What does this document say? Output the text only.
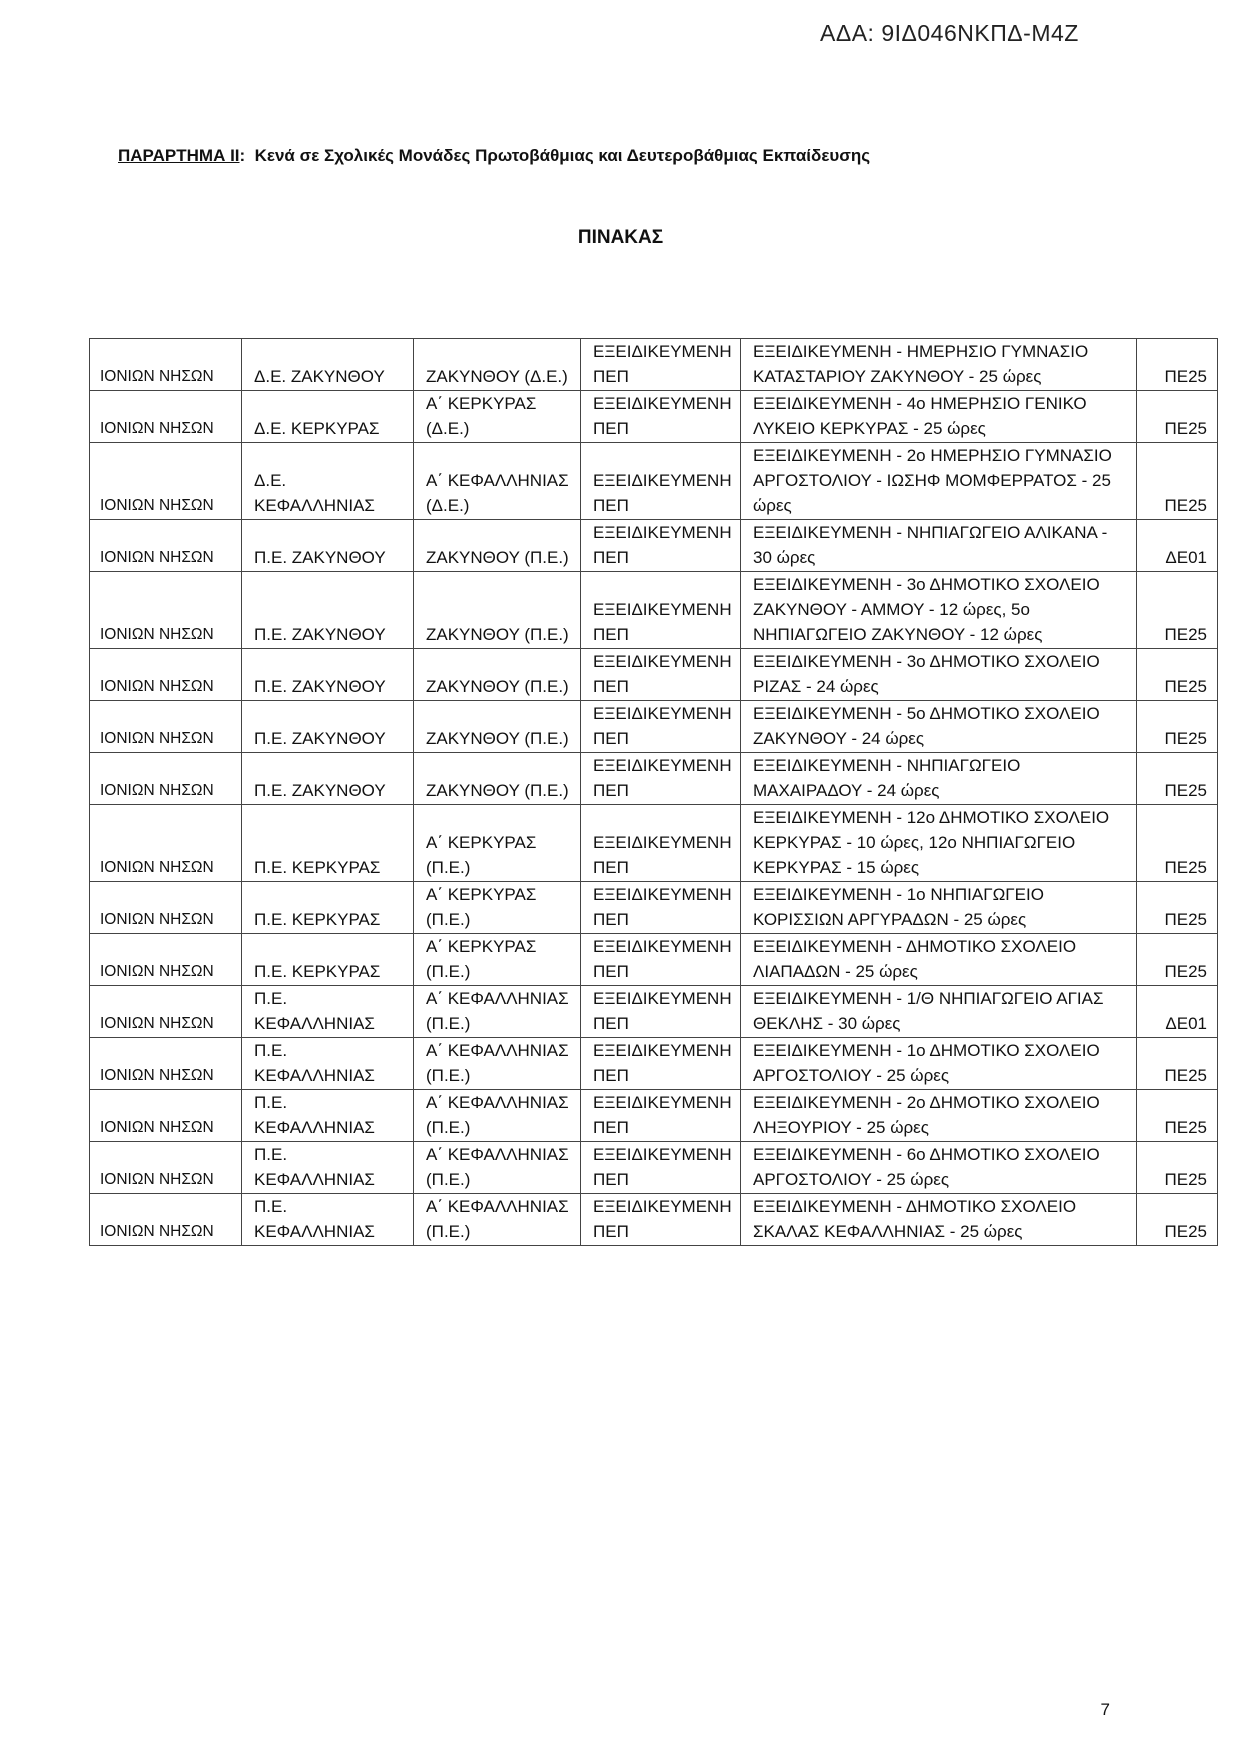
ΑΔΑ: 9ΙΔ046ΝΚΠΔ-Μ4Ζ
ΠΑΡΑΡΤΗΜΑ ΙΙ:  Κενά σε Σχολικές Μονάδες Πρωτοβάθμιας και Δευτεροβάθμιας Εκπαίδευσης
ΠΙΝΑΚΑΣ
ΙΟΝΙΩΝ ΝΗΣΩΝ	Δ.Ε. ΖΑΚΥΝΘΟΥ	ΖΑΚΥΝΘΟΥ (Δ.Ε.)	ΕΞΕΙΔΙΚΕΥΜΕΝΗ ΠΕΠ	ΕΞΕΙΔΙΚΕΥΜΕΝΗ - ΗΜΕΡΗΣΙΟ ΓΥΜΝΑΣΙΟ ΚΑΤΑΣΤΑΡΙΟΥ ΖΑΚΥΝΘΟΥ - 25 ώρες	ΠΕ25
ΙΟΝΙΩΝ ΝΗΣΩΝ	Δ.Ε. ΚΕΡΚΥΡΑΣ	Α΄ ΚΕΡΚΥΡΑΣ (Δ.Ε.)	ΕΞΕΙΔΙΚΕΥΜΕΝΗ ΠΕΠ	ΕΞΕΙΔΙΚΕΥΜΕΝΗ - 4ο ΗΜΕΡΗΣΙΟ ΓΕΝΙΚΟ ΛΥΚΕΙΟ ΚΕΡΚΥΡΑΣ - 25 ώρες	ΠΕ25
ΙΟΝΙΩΝ ΝΗΣΩΝ	Δ.Ε. ΚΕΦΑΛΛΗΝΙΑΣ	Α΄ ΚΕΦΑΛΛΗΝΙΑΣ (Δ.Ε.)	ΕΞΕΙΔΙΚΕΥΜΕΝΗ ΠΕΠ	ΕΞΕΙΔΙΚΕΥΜΕΝΗ - 2ο ΗΜΕΡΗΣΙΟ ΓΥΜΝΑΣΙΟ ΑΡΓΟΣΤΟΛΙΟΥ - ΙΩΣΗΦ ΜΟΜΦΕΡΡΑΤΟΣ - 25 ώρες	ΠΕ25
ΙΟΝΙΩΝ ΝΗΣΩΝ	Π.Ε. ΖΑΚΥΝΘΟΥ	ΖΑΚΥΝΘΟΥ (Π.Ε.)	ΕΞΕΙΔΙΚΕΥΜΕΝΗ ΠΕΠ	ΕΞΕΙΔΙΚΕΥΜΕΝΗ - ΝΗΠΙΑΓΩΓΕΙΟ ΑΛΙΚΑΝΑ - 30 ώρες	ΔΕ01
ΙΟΝΙΩΝ ΝΗΣΩΝ	Π.Ε. ΖΑΚΥΝΘΟΥ	ΖΑΚΥΝΘΟΥ (Π.Ε.)	ΕΞΕΙΔΙΚΕΥΜΕΝΗ ΠΕΠ	ΕΞΕΙΔΙΚΕΥΜΕΝΗ - 3ο ΔΗΜΟΤΙΚΟ ΣΧΟΛΕΙΟ ΖΑΚΥΝΘΟΥ - ΑΜΜΟΥ - 12 ώρες, 5ο ΝΗΠΙΑΓΩΓΕΙΟ ΖΑΚΥΝΘΟΥ - 12 ώρες	ΠΕ25
ΙΟΝΙΩΝ ΝΗΣΩΝ	Π.Ε. ΖΑΚΥΝΘΟΥ	ΖΑΚΥΝΘΟΥ (Π.Ε.)	ΕΞΕΙΔΙΚΕΥΜΕΝΗ ΠΕΠ	ΕΞΕΙΔΙΚΕΥΜΕΝΗ - 3ο ΔΗΜΟΤΙΚΟ ΣΧΟΛΕΙΟ ΡΙΖΑΣ - 24 ώρες	ΠΕ25
ΙΟΝΙΩΝ ΝΗΣΩΝ	Π.Ε. ΖΑΚΥΝΘΟΥ	ΖΑΚΥΝΘΟΥ (Π.Ε.)	ΕΞΕΙΔΙΚΕΥΜΕΝΗ ΠΕΠ	ΕΞΕΙΔΙΚΕΥΜΕΝΗ - 5ο ΔΗΜΟΤΙΚΟ ΣΧΟΛΕΙΟ ΖΑΚΥΝΘΟΥ - 24 ώρες	ΠΕ25
ΙΟΝΙΩΝ ΝΗΣΩΝ	Π.Ε. ΖΑΚΥΝΘΟΥ	ΖΑΚΥΝΘΟΥ (Π.Ε.)	ΕΞΕΙΔΙΚΕΥΜΕΝΗ ΠΕΠ	ΕΞΕΙΔΙΚΕΥΜΕΝΗ - ΝΗΠΙΑΓΩΓΕΙΟ ΜΑΧΑΙΡΑΔΟΥ - 24 ώρες	ΠΕ25
ΙΟΝΙΩΝ ΝΗΣΩΝ	Π.Ε. ΚΕΡΚΥΡΑΣ	Α΄ ΚΕΡΚΥΡΑΣ (Π.Ε.)	ΕΞΕΙΔΙΚΕΥΜΕΝΗ ΠΕΠ	ΕΞΕΙΔΙΚΕΥΜΕΝΗ - 12ο ΔΗΜΟΤΙΚΟ ΣΧΟΛΕΙΟ ΚΕΡΚΥΡΑΣ - 10 ώρες, 12ο ΝΗΠΙΑΓΩΓΕΙΟ ΚΕΡΚΥΡΑΣ - 15 ώρες	ΠΕ25
ΙΟΝΙΩΝ ΝΗΣΩΝ	Π.Ε. ΚΕΡΚΥΡΑΣ	Α΄ ΚΕΡΚΥΡΑΣ (Π.Ε.)	ΕΞΕΙΔΙΚΕΥΜΕΝΗ ΠΕΠ	ΕΞΕΙΔΙΚΕΥΜΕΝΗ - 1ο ΝΗΠΙΑΓΩΓΕΙΟ ΚΟΡΙΣΣΙΩΝ ΑΡΓΥΡΑΔΩΝ - 25 ώρες	ΠΕ25
ΙΟΝΙΩΝ ΝΗΣΩΝ	Π.Ε. ΚΕΡΚΥΡΑΣ	Α΄ ΚΕΡΚΥΡΑΣ (Π.Ε.)	ΕΞΕΙΔΙΚΕΥΜΕΝΗ ΠΕΠ	ΕΞΕΙΔΙΚΕΥΜΕΝΗ - ΔΗΜΟΤΙΚΟ ΣΧΟΛΕΙΟ ΛΙΑΠΑΔΩΝ - 25 ώρες	ΠΕ25
ΙΟΝΙΩΝ ΝΗΣΩΝ	Π.Ε. ΚΕΦΑΛΛΗΝΙΑΣ	Α΄ ΚΕΦΑΛΛΗΝΙΑΣ (Π.Ε.)	ΕΞΕΙΔΙΚΕΥΜΕΝΗ ΠΕΠ	ΕΞΕΙΔΙΚΕΥΜΕΝΗ - 1/Θ ΝΗΠΙΑΓΩΓΕΙΟ ΑΓΙΑΣ ΘΕΚΛΗΣ - 30 ώρες	ΔΕ01
ΙΟΝΙΩΝ ΝΗΣΩΝ	Π.Ε. ΚΕΦΑΛΛΗΝΙΑΣ	Α΄ ΚΕΦΑΛΛΗΝΙΑΣ (Π.Ε.)	ΕΞΕΙΔΙΚΕΥΜΕΝΗ ΠΕΠ	ΕΞΕΙΔΙΚΕΥΜΕΝΗ - 1ο ΔΗΜΟΤΙΚΟ ΣΧΟΛΕΙΟ ΑΡΓΟΣΤΟΛΙΟΥ - 25 ώρες	ΠΕ25
ΙΟΝΙΩΝ ΝΗΣΩΝ	Π.Ε. ΚΕΦΑΛΛΗΝΙΑΣ	Α΄ ΚΕΦΑΛΛΗΝΙΑΣ (Π.Ε.)	ΕΞΕΙΔΙΚΕΥΜΕΝΗ ΠΕΠ	ΕΞΕΙΔΙΚΕΥΜΕΝΗ - 2ο ΔΗΜΟΤΙΚΟ ΣΧΟΛΕΙΟ ΛΗΞΟΥΡΙΟΥ - 25 ώρες	ΠΕ25
ΙΟΝΙΩΝ ΝΗΣΩΝ	Π.Ε. ΚΕΦΑΛΛΗΝΙΑΣ	Α΄ ΚΕΦΑΛΛΗΝΙΑΣ (Π.Ε.)	ΕΞΕΙΔΙΚΕΥΜΕΝΗ ΠΕΠ	ΕΞΕΙΔΙΚΕΥΜΕΝΗ - 6ο ΔΗΜΟΤΙΚΟ ΣΧΟΛΕΙΟ ΑΡΓΟΣΤΟΛΙΟΥ - 25 ώρες	ΠΕ25
ΙΟΝΙΩΝ ΝΗΣΩΝ	Π.Ε. ΚΕΦΑΛΛΗΝΙΑΣ	Α΄ ΚΕΦΑΛΛΗΝΙΑΣ (Π.Ε.)	ΕΞΕΙΔΙΚΕΥΜΕΝΗ ΠΕΠ	ΕΞΕΙΔΙΚΕΥΜΕΝΗ - ΔΗΜΟΤΙΚΟ ΣΧΟΛΕΙΟ ΣΚΑΛΑΣ ΚΕΦΑΛΛΗΝΙΑΣ - 25 ώρες	ΠΕ25
7
